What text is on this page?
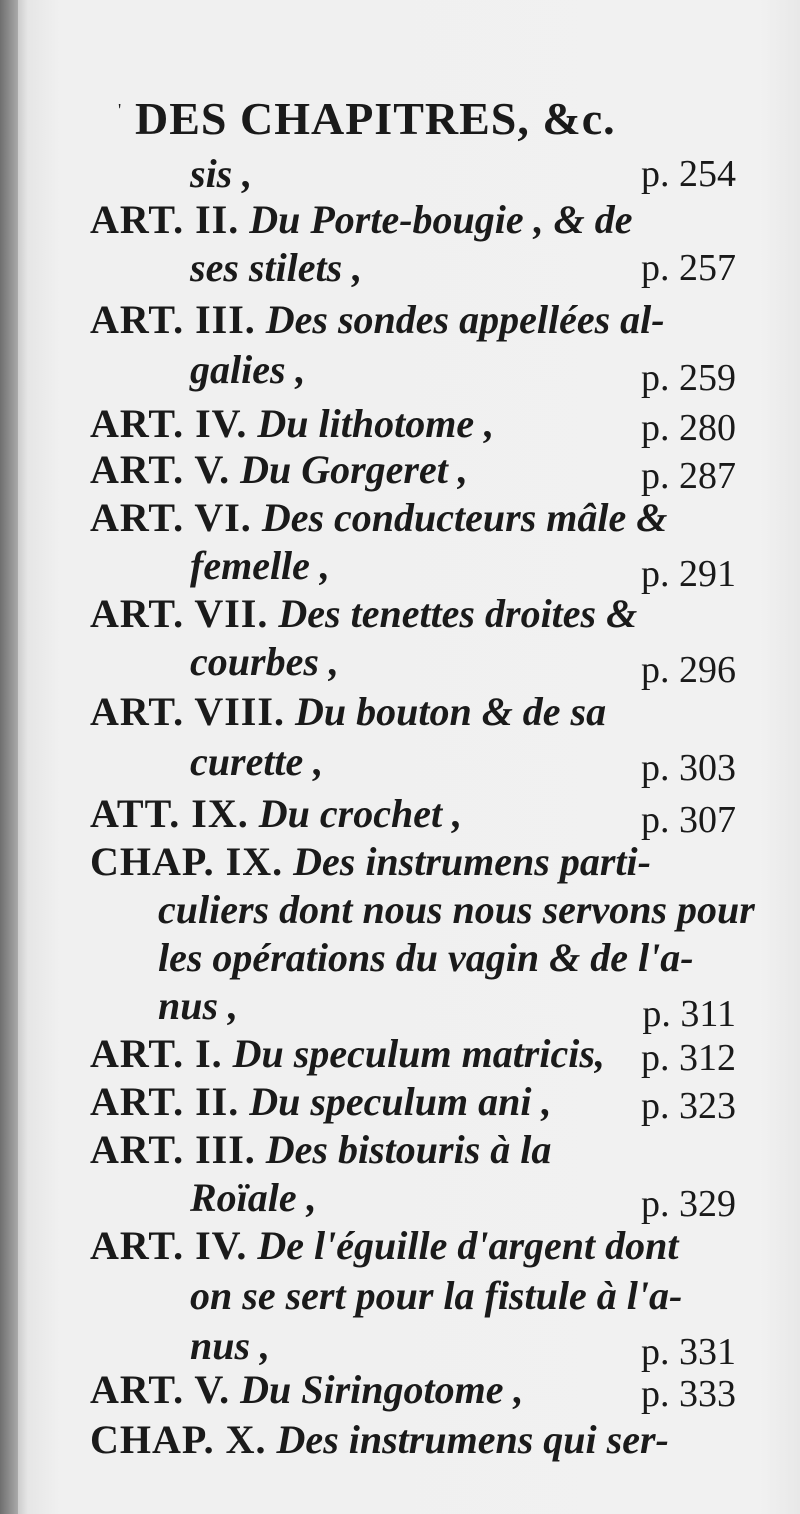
' DES CHAPITRES, &c.
sis ,	p. 254
ART. II. Du Porte-bougie , & de
ses stilets ,	p. 257
ART. III. Des sondes appellées al-
galies ,	p. 259
ART. IV. Du lithotome ,	p. 280
ART. V. Du Gorgeret ,	p. 287
ART. VI. Des conducteurs mâle &
femelle ,	p. 291
ART. VII. Des tenettes droites &
courbes ,	p. 296
ART. VIII. Du bouton & de sa
curette ,	p. 303
ATT. IX. Du crochet ,	p. 307
CHAP. IX. Des instrumens parti-
culiers dont nous nous servons pour
les opérations du vagin & de l'a-
nus ,	p. 311
ART. I. Du speculum matricis, p. 312
ART. II. Du speculum ani , p. 323
ART. III. Des bistouris à la
Roïale ,	p. 329
ART. IV. De l'éguille d'argent dont
on se sert pour la fistule à l'a-
nus ,	p. 331
ART. V. Du Siringotome ,	p. 333
CHAP. X. Des instrumens qui ser-
